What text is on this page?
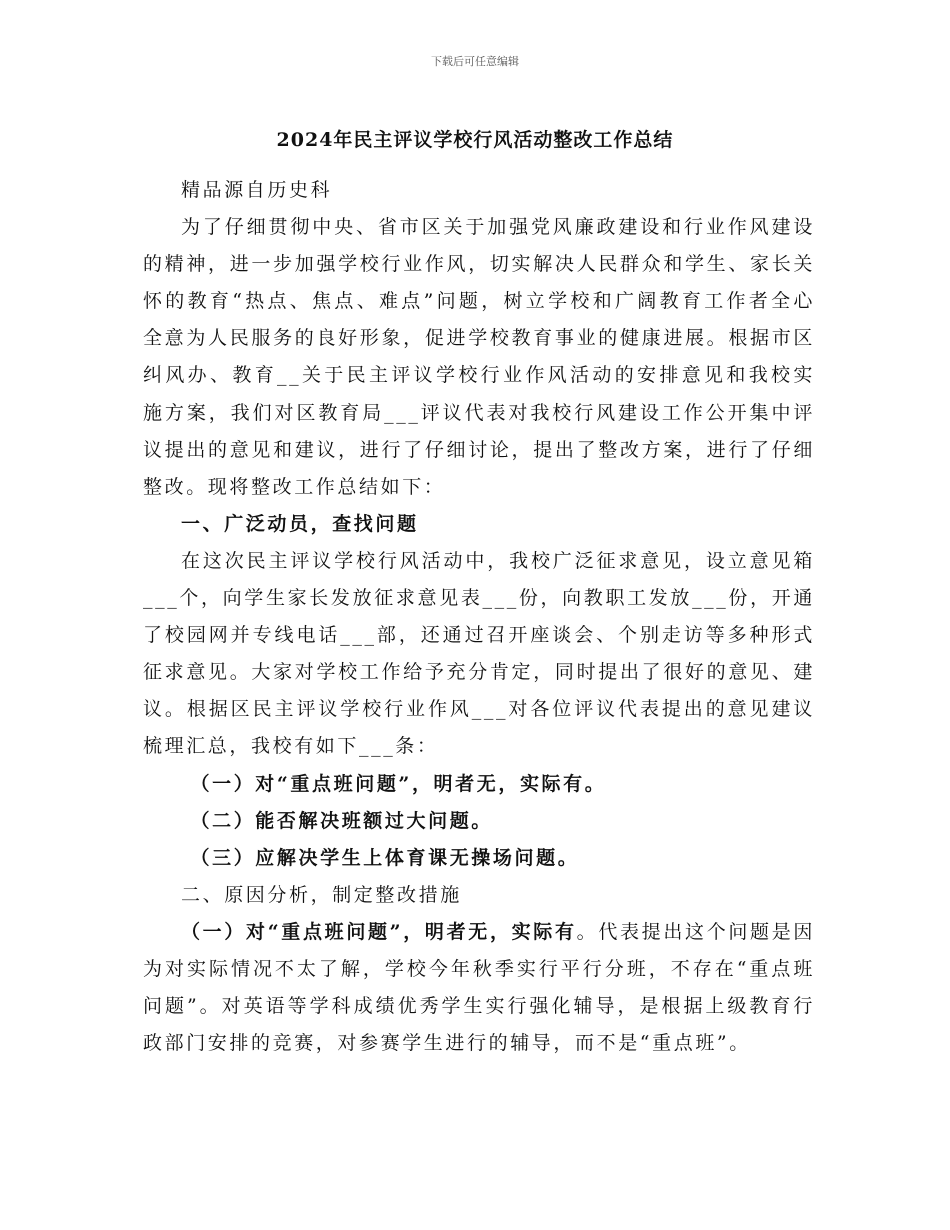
下载后可任意编辑
2024年民主评议学校行风活动整改工作总结

精品源自历史科

为了仔细贯彻中央、省市区关于加强党风廉政建设和行业作风建设的精神，进一步加强学校行业作风，切实解决人民群众和学生、家长关怀的教育“热点、焦点、难点”问题，树立学校和广阔教育工作者全心全意为人民服务的良好形象，促进学校教育事业的健康进展。根据市区纠风办、教育__关于民主评议学校行业作风活动的安排意见和我校实施方案，我们对区教育局___评议代表对我校行风建设工作公开集中评议提出的意见和建议，进行了仔细讨论，提出了整改方案，进行了仔细整改。现将整改工作总结如下：

一、广泛动员，查找问题

在这次民主评议学校行风活动中，我校广泛征求意见，设立意见箱___个，向学生家长发放征求意见表___份，向教职工发放___份，开通了校园网并专线电话___部，还通过召开座谈会、个别走访等多种形式征求意见。大家对学校工作给予充分肯定，同时提出了很好的意见、建议。根据区民主评议学校行业作风___对各位评议代表提出的意见建议梳理汇总，我校有如下___条：

（一）对“重点班问题”，明者无，实际有。

（二）能否解决班额过大问题。

（三）应解决学生上体育课无操场问题。

二、原因分析，制定整改措施

（一）对“重点班问题”，明者无，实际有。代表提出这个问题是因为对实际情况不太了解，学校今年秋季实行平行分班，不存在“重点班问题”。对英语等学科成绩优秀学生实行强化辅导，是根据上级教育行政部门安排的竞赛，对参赛学生进行的辅导，而不是“重点班”。
